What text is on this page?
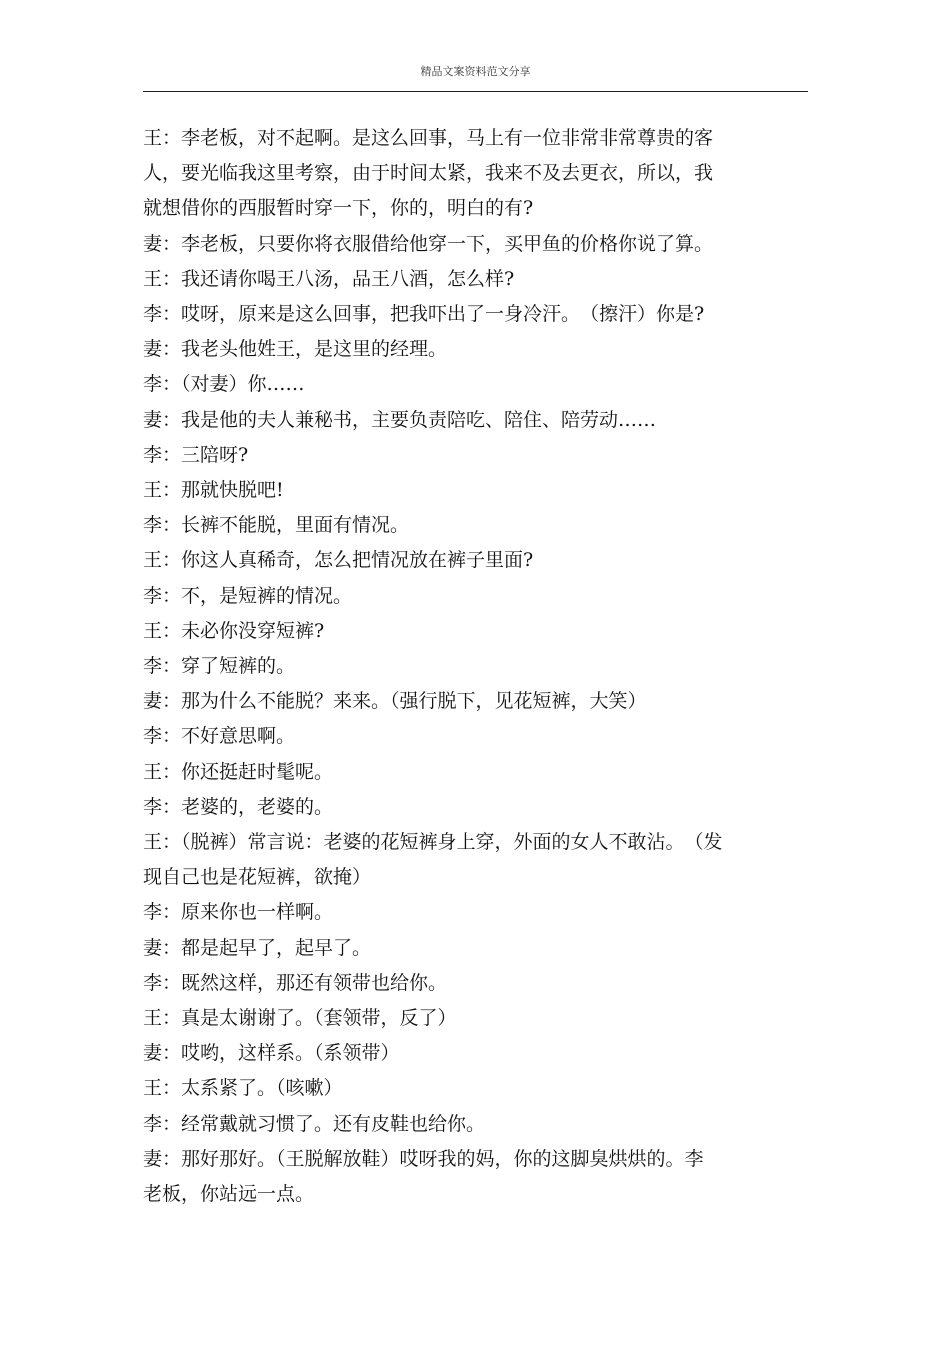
精品文案资料范文分享
王：李老板，对不起啊。是这么回事，马上有一位非常非常尊贵的客
人，要光临我这里考察，由于时间太紧，我来不及去更衣，所以，我
就想借你的西服暂时穿一下，你的，明白的有?
妻：李老板，只要你将衣服借给他穿一下，买甲鱼的价格你说了算。
王：我还请你喝王八汤，品王八酒，怎么样?
李：哎呀，原来是这么回事，把我吓出了一身冷汗。　（擦汗）你是?
妻：我老头他姓王，是这里的经理。
李：（对妻）你……
妻：我是他的夫人兼秘书，主要负责陪吃、陪住、陪劳动……
李：三陪呀?
王：那就快脱吧!
李：长裤不能脱，里面有情况。
王：你这人真稀奇，怎么把情况放在裤子里面?
李：不，是短裤的情况。
王：未必你没穿短裤?
李：穿了短裤的。
妻：那为什么不能脱？来来。（强行脱下，见花短裤，大笑）
李：不好意思啊。
王：你还挺赶时髦呢。
李：老婆的，老婆的。
王：（脱裤）常言说：老婆的花短裤身上穿，外面的女人不敢沾。　（发
现自己也是花短裤，欲掩）
李：原来你也一样啊。
妻：都是起早了，起早了。
李：既然这样，那还有领带也给你。
王：真是太谢谢了。（套领带，反了）
妻：哎哟，这样系。（系领带）
王：太系紧了。（咳嗽）
李：经常戴就习惯了。还有皮鞋也给你。
妻：那好那好。（王脱解放鞋）哎呀我的妈，你的这脚臭烘烘的。李
老板，你站远一点。
